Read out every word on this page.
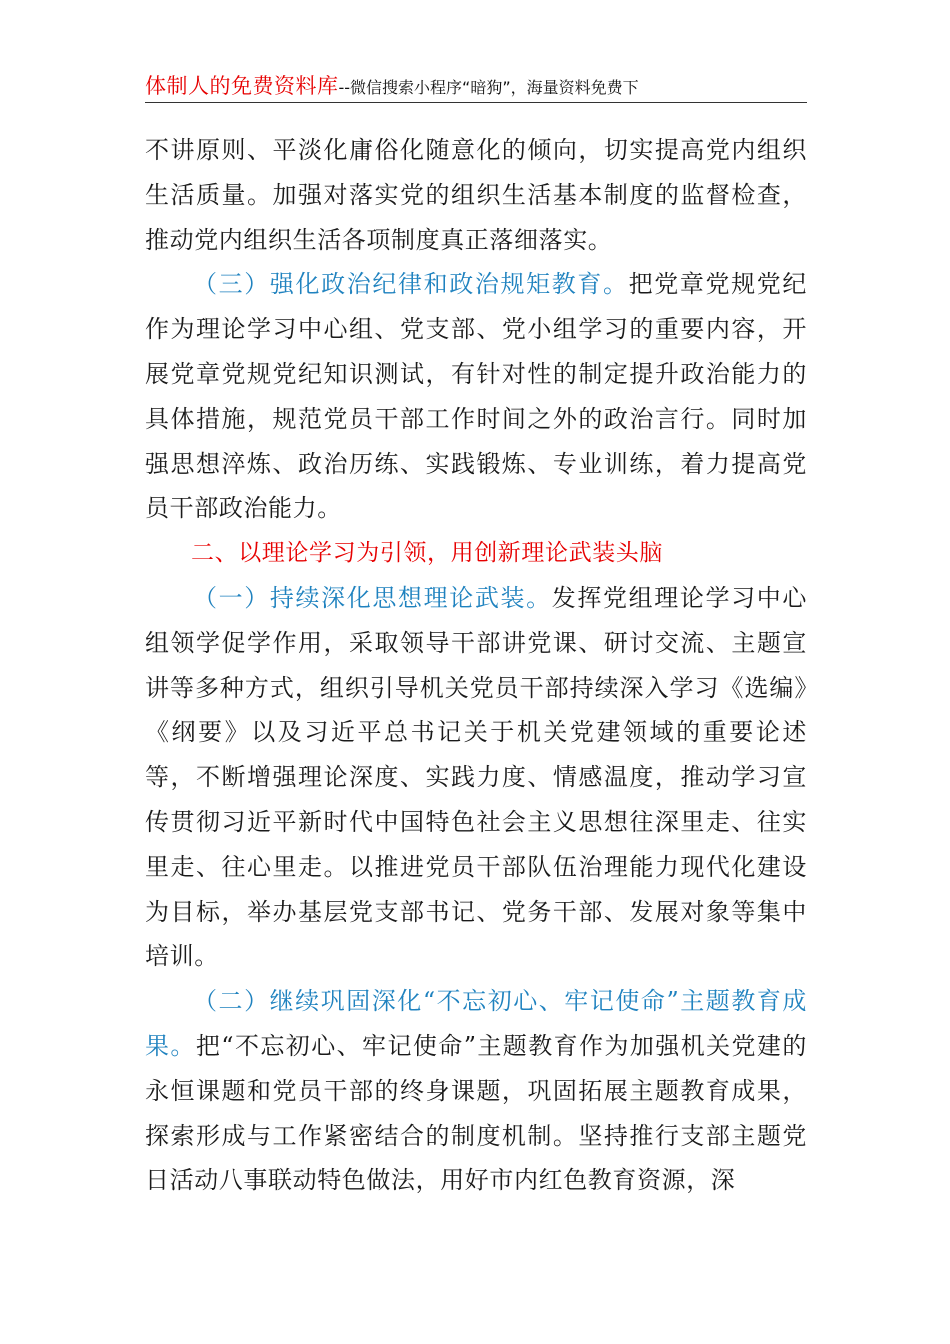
体制人的免费资料库--微信搜索小程序“暗狗”，海量资料免费下

不讲原则、平淡化庸俗化随意化的倾向，切实提高党内组织生活质量。加强对落实党的组织生活基本制度的监督检查，推动党内组织生活各项制度真正落细落实。

（三）强化政治纪律和政治规矩教育。把党章党规党纪作为理论学习中心组、党支部、党小组学习的重要内容，开展党章党规党纪知识测试，有针对性的制定提升政治能力的具体措施，规范党员干部工作时间之外的政治言行。同时加强思想淬炼、政治历练、实践锻炼、专业训练，着力提高党员干部政治能力。

二、以理论学习为引领，用创新理论武装头脑

（一）持续深化思想理论武装。发挥党组理论学习中心组领学促学作用，采取领导干部讲党课、研讨交流、主题宣讲等多种方式，组织引导机关党员干部持续深入学习《选编》《纲要》以及习近平总书记关于机关党建领域的重要论述等，不断增强理论深度、实践力度、情感温度，推动学习宣传贯彻习近平新时代中国特色社会主义思想往深里走、往实里走、往心里走。以推进党员干部队伍治理能力现代化建设为目标，举办基层党支部书记、党务干部、发展对象等集中培训。

（二）继续巩固深化“不忘初心、牢记使命”主题教育成果。把“不忘初心、牢记使命”主题教育作为加强机关党建的永恒课题和党员干部的终身课题，巩固拓展主题教育成果，探索形成与工作紧密结合的制度机制。坚持推行支部主题党日活动八事联动特色做法，用好市内红色教育资源，深
